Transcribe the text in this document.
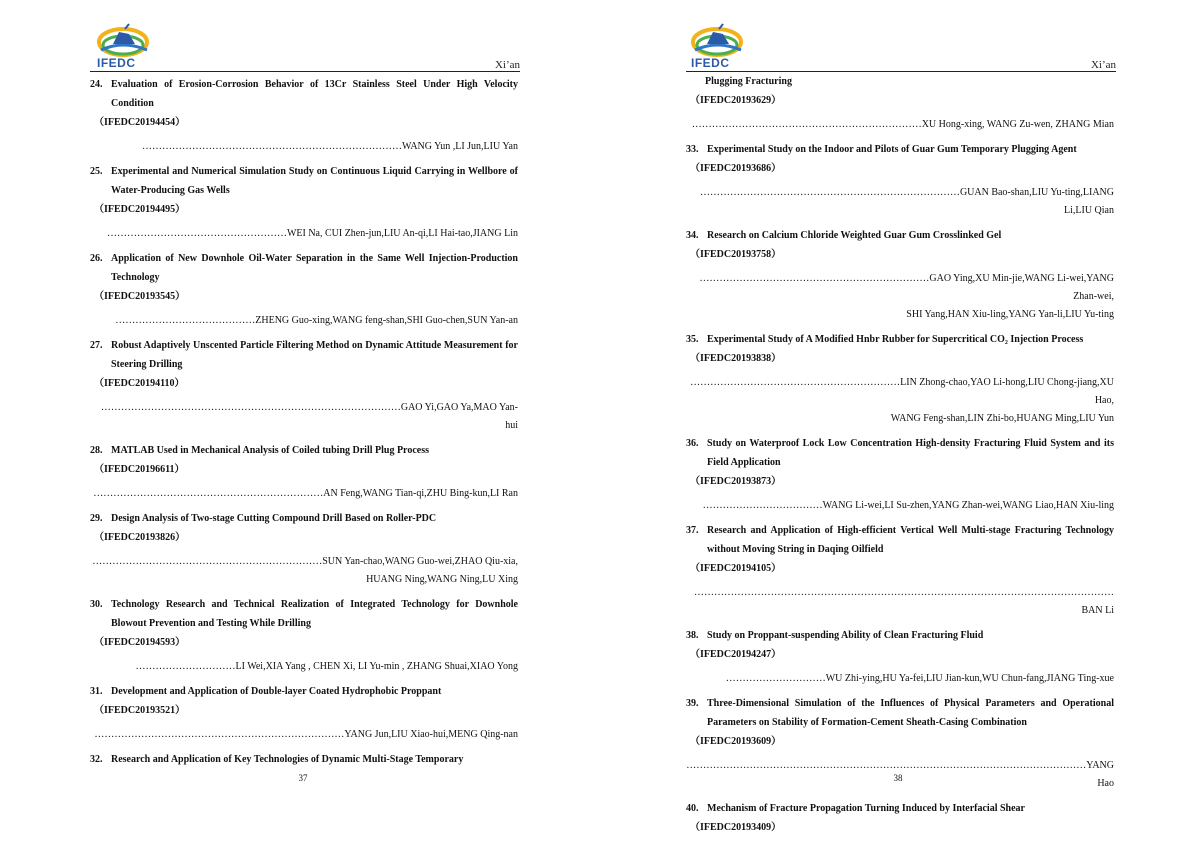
IFEDC	Xi’an
24. Evaluation of Erosion-Corrosion Behavior of 13Cr Stainless Steel Under High Velocity Condition
（IFEDC20194454）
……………………………………………………………………WANG Yun ,LI Jun,LIU Yan
25. Experimental and Numerical Simulation Study on Continuous Liquid Carrying in Wellbore of Water-Producing Gas Wells
（IFEDC20194495）
………………………………………………WEI Na, CUI Zhen-jun,LIU An-qi,LI Hai-tao,JIANG Lin
26. Application of New Downhole Oil-Water Separation in the Same Well Injection-Production Technology
（IFEDC20193545）
……………………………………ZHENG Guo-xing,WANG feng-shan,SHI Guo-chen,SUN Yan-an
27. Robust Adaptively Unscented Particle Filtering Method on Dynamic Attitude Measurement for Steering Drilling
（IFEDC20194110）
………………………………………………………………………………GAO Yi,GAO Ya,MAO Yan-hui
28. MATLAB Used in Mechanical Analysis of Coiled tubing Drill Plug Process
（IFEDC20196611）
……………………………………………………………AN Feng,WANG Tian-qi,ZHU Bing-kun,LI Ran
29. Design Analysis of Two-stage Cutting Compound Drill Based on Roller-PDC
（IFEDC20193826）
……………………………………………………………SUN Yan-chao,WANG Guo-wei,ZHAO Qiu-xia,
HUANG Ning,WANG Ning,LU Xing
30. Technology Research and Technical Realization of Integrated Technology for Downhole Blowout Prevention and Testing While Drilling
（IFEDC20194593）
…………………………LI Wei,XIA Yang , CHEN Xi, LI Yu-min , ZHANG Shuai,XIAO Yong
31. Development and Application of Double-layer Coated Hydrophobic Proppant
（IFEDC20193521）
…………………………………………………………………YANG Jun,LIU Xiao-hui,MENG Qing-nan
32. Research and Application of Key Technologies of Dynamic Multi-Stage Temporary
37
IFEDC	Xi’an
Plugging Fracturing
（IFEDC20193629）
……………………………………………………………XU Hong-xing, WANG Zu-wen, ZHANG Mian
33. Experimental Study on the Indoor and Pilots of Guar Gum Temporary Plugging Agent
（IFEDC20193686）
……………………………………………………………………GUAN Bao-shan,LIU Yu-ting,LIANG Li,LIU Qian
34. Research on Calcium Chloride Weighted Guar Gum Crosslinked Gel
（IFEDC20193758）
……………………………………………………………GAO Ying,XU Min-jie,WANG Li-wei,YANG Zhan-wei,
SHI Yang,HAN Xiu-ling,YANG Yan-li,LIU Yu-ting
35. Experimental Study of A Modified Hnbr Rubber for Supercritical CO₂ Injection Process
（IFEDC20193838）
………………………………………………………LIN Zhong-chao,YAO Li-hong,LIU Chong-jiang,XU Hao,
WANG Feng-shan,LIN Zhi-bo,HUANG Ming,LIU Yun
36. Study on Waterproof Lock Low Concentration High-density Fracturing Fluid System and its Field Application
（IFEDC20193873）
………………………………WANG Li-wei,LI Su-zhen,YANG Zhan-wei,WANG Liao,HAN Xiu-ling
37. Research and Application of High-efficient Vertical Well Multi-stage Fracturing Technology without Moving String in Daqing Oilfield
（IFEDC20194105）
………………………………………………………………………………………………………………BAN Li
38. Study on Proppant-suspending Ability of Clean Fracturing Fluid
（IFEDC20194247）
…………………………WU Zhi-ying,HU Ya-fei,LIU Jian-kun,WU Chun-fang,JIANG Ting-xue
39. Three-Dimensional Simulation of the Influences of Physical Parameters and Operational Parameters on Stability of Formation-Cement Sheath-Casing Combination
（IFEDC20193609）
…………………………………………………………………………………………………………YANG Hao
40. Mechanism of Fracture Propagation Turning Induced by Interfacial Shear
（IFEDC20193409）
38
